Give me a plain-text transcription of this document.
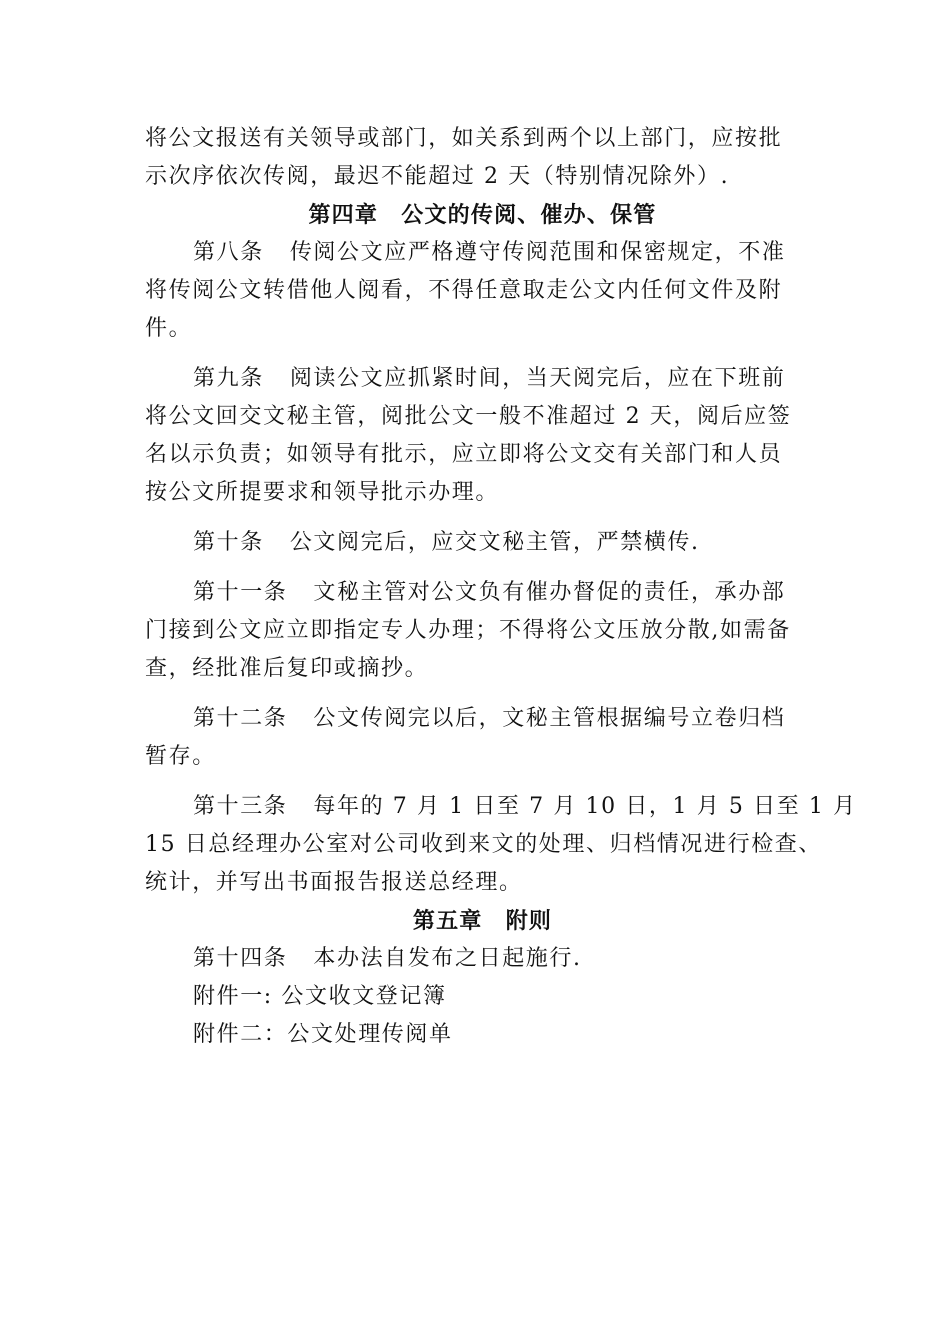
将公文报送有关领导或部门，如关系到两个以上部门，应按批
示次序依次传阅，最迟不能超过 2 天（特别情况除外）.
第四章　公文的传阅、催办、保管
第八条 传阅公文应严格遵守传阅范围和保密规定，不准
将传阅公文转借他人阅看，不得任意取走公文内任何文件及附
件。
第九条 阅读公文应抓紧时间，当天阅完后，应在下班前
将公文回交文秘主管，阅批公文一般不准超过 2 天，阅后应签
名以示负责；如领导有批示，应立即将公文交有关部门和人员
按公文所提要求和领导批示办理。
第十条 公文阅完后，应交文秘主管，严禁横传.
第十一条 文秘主管对公文负有催办督促的责任，承办部
门接到公文应立即指定专人办理；不得将公文压放分散,如需备
查，经批准后复印或摘抄。
第十二条 公文传阅完以后，文秘主管根据编号立卷归档
暂存。
第十三条 每年的 7 月 1 日至 7 月 10 日，1 月 5 日至 1 月
15 日总经理办公室对公司收到来文的处理、归档情况进行检查、
统计，并写出书面报告报送总经理。
第五章　附则
第十四条 本办法自发布之日起施行.
附件一: 公文收文登记簿
附件二：公文处理传阅单
